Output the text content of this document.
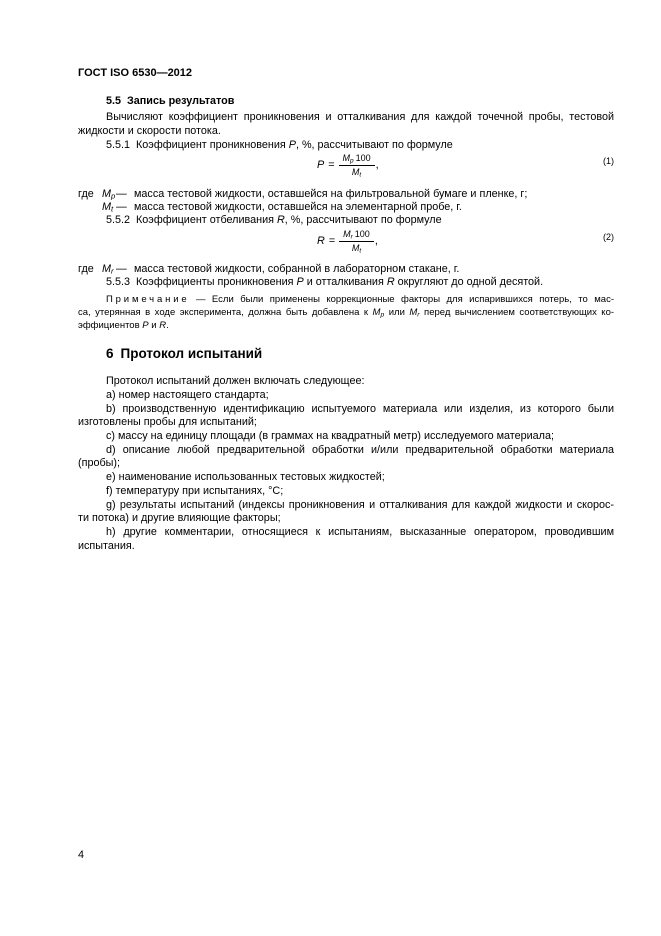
ГОСТ ISO 6530—2012
5.5 Запись результатов
Вычисляют коэффициент проникновения и отталкивания для каждой точечной пробы, тестовой
жидкости и скорости потока.
5.5.1 Коэффициент проникновения P, %, рассчитывают по формуле
$P = \frac{M_p 100}{M_t}$ ,	(1)
где $M_p—$ масса тестовой жидкости, оставшейся на фильтровальной бумаге и пленке, г;
$M_t$ — масса тестовой жидкости, оставшейся на элементарной пробе, г.
5.5.2 Коэффициент отбеливания R, %, рассчитывают по формуле
$R = \frac{M_r 100}{M_t}$ ,	(2)
где $M_r$ — масса тестовой жидкости, собранной в лабораторном стакане, г.
5.5.3 Коэффициенты проникновения P и отталкивания R округляют до одной десятой.
Примечание — Если были применены коррекционные факторы для испарившихся потерь, то мас-
са, утерянная в ходе эксперимента, должна быть добавлена к $M_p$ или $M_r$ перед вычислением соответствующих ко-
эффициентов P и R.
6 Протокол испытаний
Протокол испытаний должен включать следующее:
a) номер настоящего стандарта;
b) производственную идентификацию испытуемого материала или изделия, из которого были
изготовлены пробы для испытаний;
c) массу на единицу площади (в граммах на квадратный метр) исследуемого материала;
d) описание любой предварительной обработки и/или предварительной обработки материала
(пробы);
e) наименование использованных тестовых жидкостей;
f) температуру при испытаниях, °C;
g) результаты испытаний (индексы проникновения и отталкивания для каждой жидкости и скорос-
ти потока) и другие влияющие факторы;
h) другие комментарии, относящиеся к испытаниям, высказанные оператором, проводившим
испытания.
4
